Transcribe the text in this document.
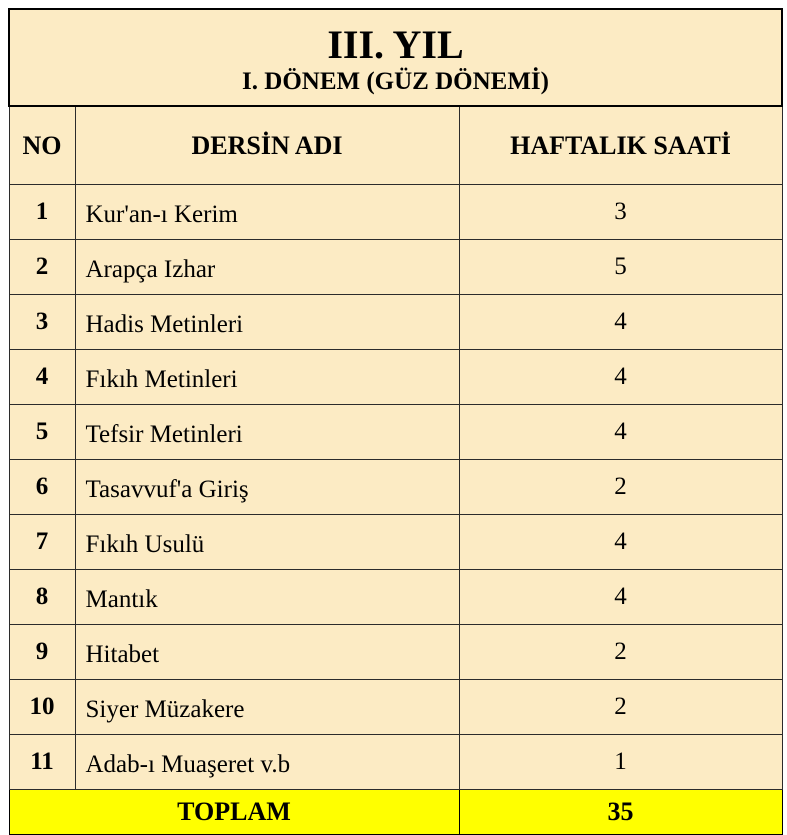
III. YIL
I. DÖNEM (GÜZ DÖNEMİ)		

NO	DERSİN ADI	HAFTALIK SAATİ
1	Kur'an-ı Kerim	3
2	Arapça Izhar	5
3	Hadis Metinleri	4
4	Fıkıh Metinleri	4
5	Tefsir Metinleri	4
6	Tasavvuf'a Giriş	2
7	Fıkıh Usulü	4
8	Mantık	4
9	Hitabet	2
10	Siyer Müzakere	2
11	Adab-ı Muaşeret v.b	1
TOPLAM		35
